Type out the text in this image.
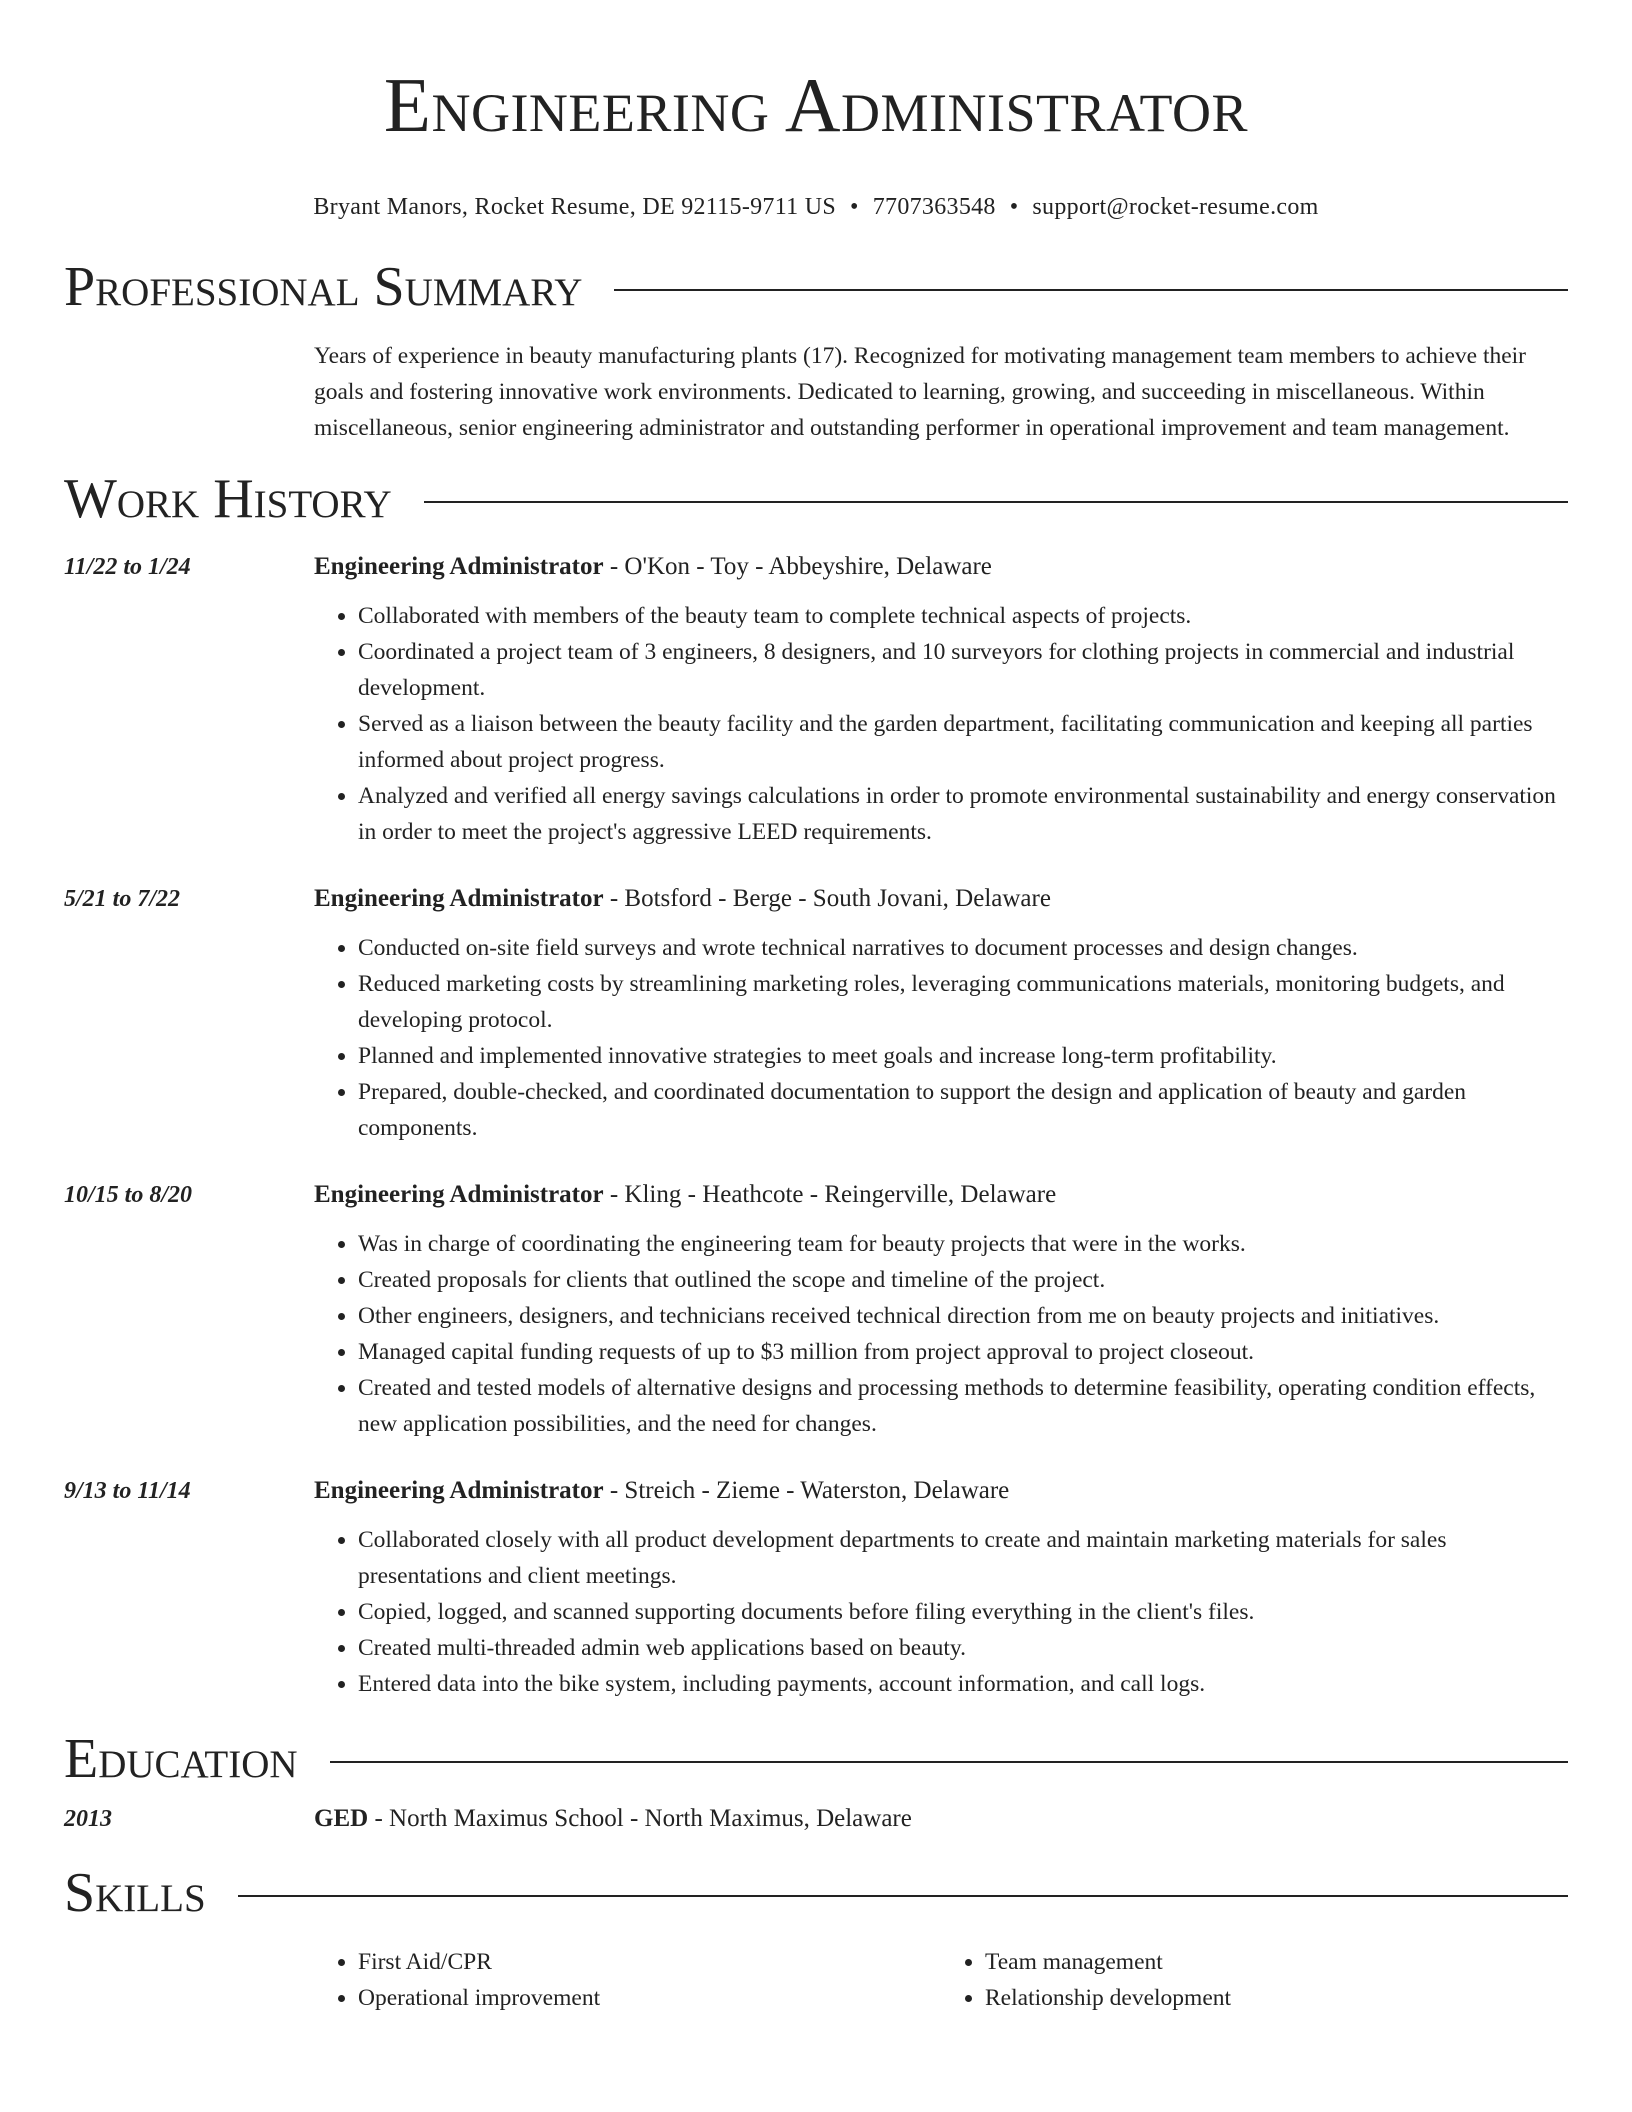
Engineering Administrator
Bryant Manors, Rocket Resume, DE 92115-9711 US • 7707363548 • support@rocket-resume.com
Professional Summary
Years of experience in beauty manufacturing plants (17). Recognized for motivating management team members to achieve their goals and fostering innovative work environments. Dedicated to learning, growing, and succeeding in miscellaneous. Within miscellaneous, senior engineering administrator and outstanding performer in operational improvement and team management.
Work History
11/22 to 1/24	Engineering Administrator - O'Kon - Toy - Abbeyshire, Delaware
• Collaborated with members of the beauty team to complete technical aspects of projects.
• Coordinated a project team of 3 engineers, 8 designers, and 10 surveyors for clothing projects in commercial and industrial development.
• Served as a liaison between the beauty facility and the garden department, facilitating communication and keeping all parties informed about project progress.
• Analyzed and verified all energy savings calculations in order to promote environmental sustainability and energy conservation in order to meet the project's aggressive LEED requirements.
5/21 to 7/22	Engineering Administrator - Botsford - Berge - South Jovani, Delaware
• Conducted on-site field surveys and wrote technical narratives to document processes and design changes.
• Reduced marketing costs by streamlining marketing roles, leveraging communications materials, monitoring budgets, and developing protocol.
• Planned and implemented innovative strategies to meet goals and increase long-term profitability.
• Prepared, double-checked, and coordinated documentation to support the design and application of beauty and garden components.
10/15 to 8/20	Engineering Administrator - Kling - Heathcote - Reingerville, Delaware
• Was in charge of coordinating the engineering team for beauty projects that were in the works.
• Created proposals for clients that outlined the scope and timeline of the project.
• Other engineers, designers, and technicians received technical direction from me on beauty projects and initiatives.
• Managed capital funding requests of up to $3 million from project approval to project closeout.
• Created and tested models of alternative designs and processing methods to determine feasibility, operating condition effects, new application possibilities, and the need for changes.
9/13 to 11/14	Engineering Administrator - Streich - Zieme - Waterston, Delaware
• Collaborated closely with all product development departments to create and maintain marketing materials for sales presentations and client meetings.
• Copied, logged, and scanned supporting documents before filing everything in the client's files.
• Created multi-threaded admin web applications based on beauty.
• Entered data into the bike system, including payments, account information, and call logs.
Education
2013	GED - North Maximus School - North Maximus, Delaware
Skills
• First Aid/CPR
• Operational improvement
• Team management
• Relationship development
